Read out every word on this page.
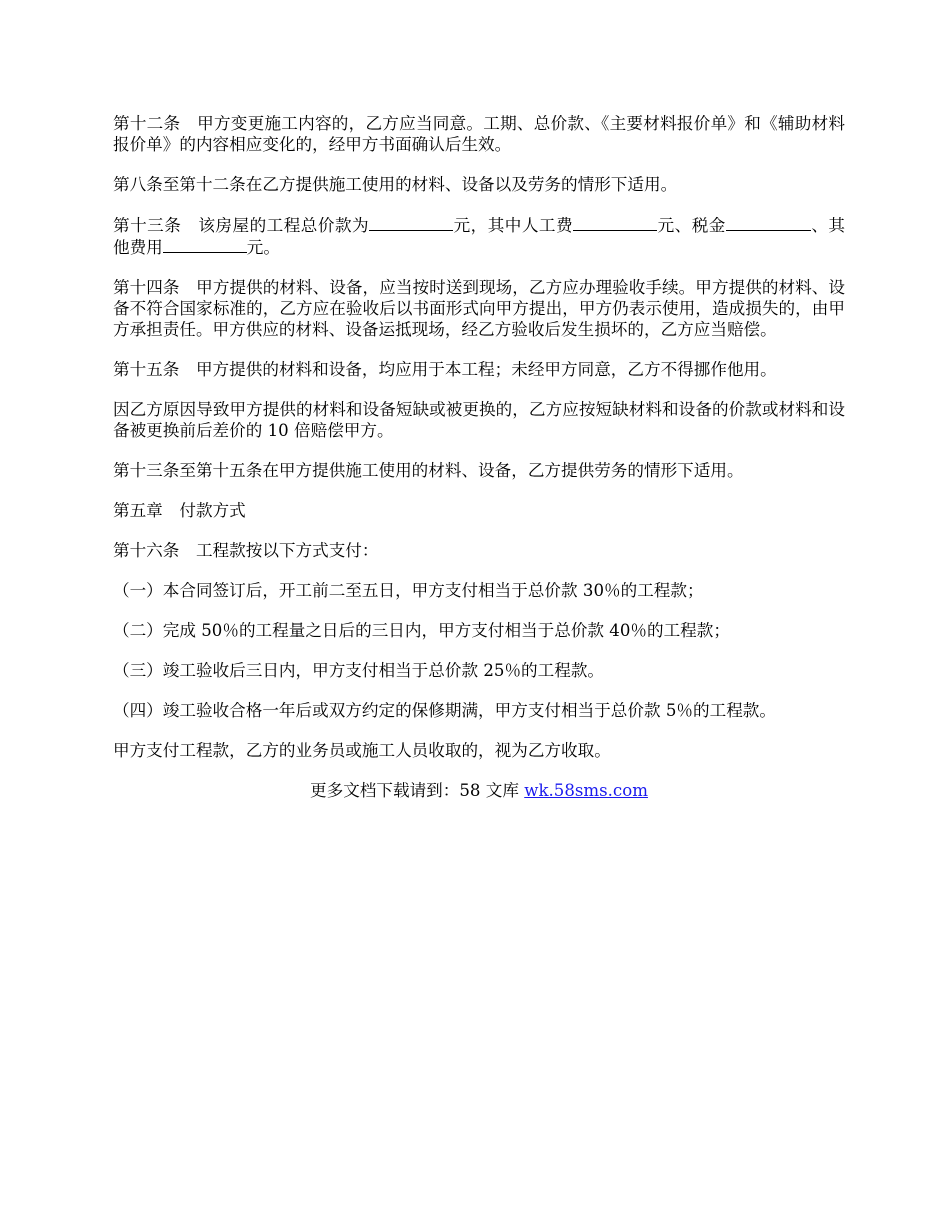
第十二条　甲方变更施工内容的，乙方应当同意。工期、总价款、《主要材料报价单》和《辅助材料报价单》的内容相应变化的，经甲方书面确认后生效。

第八条至第十二条在乙方提供施工使用的材料、设备以及劳务的情形下适用。

第十三条　该房屋的工程总价款为	元，其中人工费	元、税金	、其他费用	元。

第十四条　甲方提供的材料、设备，应当按时送到现场，乙方应办理验收手续。甲方提供的材料、设备不符合国家标准的，乙方应在验收后以书面形式向甲方提出，甲方仍表示使用，造成损失的，由甲方承担责任。甲方供应的材料、设备运抵现场，经乙方验收后发生损坏的，乙方应当赔偿。

第十五条　甲方提供的材料和设备，均应用于本工程；未经甲方同意，乙方不得挪作他用。

因乙方原因导致甲方提供的材料和设备短缺或被更换的，乙方应按短缺材料和设备的价款或材料和设备被更换前后差价的 10 倍赔偿甲方。

第十三条至第十五条在甲方提供施工使用的材料、设备，乙方提供劳务的情形下适用。

第五章　付款方式

第十六条　工程款按以下方式支付：

（一）本合同签订后，开工前二至五日，甲方支付相当于总价款 30％的工程款；

（二）完成 50％的工程量之日后的三日内，甲方支付相当于总价款 40％的工程款；

（三）竣工验收后三日内，甲方支付相当于总价款 25％的工程款。

（四）竣工验收合格一年后或双方约定的保修期满，甲方支付相当于总价款 5％的工程款。

甲方支付工程款，乙方的业务员或施工人员收取的，视为乙方收取。

更多文档下载请到：58 文库 wk.58sms.com
